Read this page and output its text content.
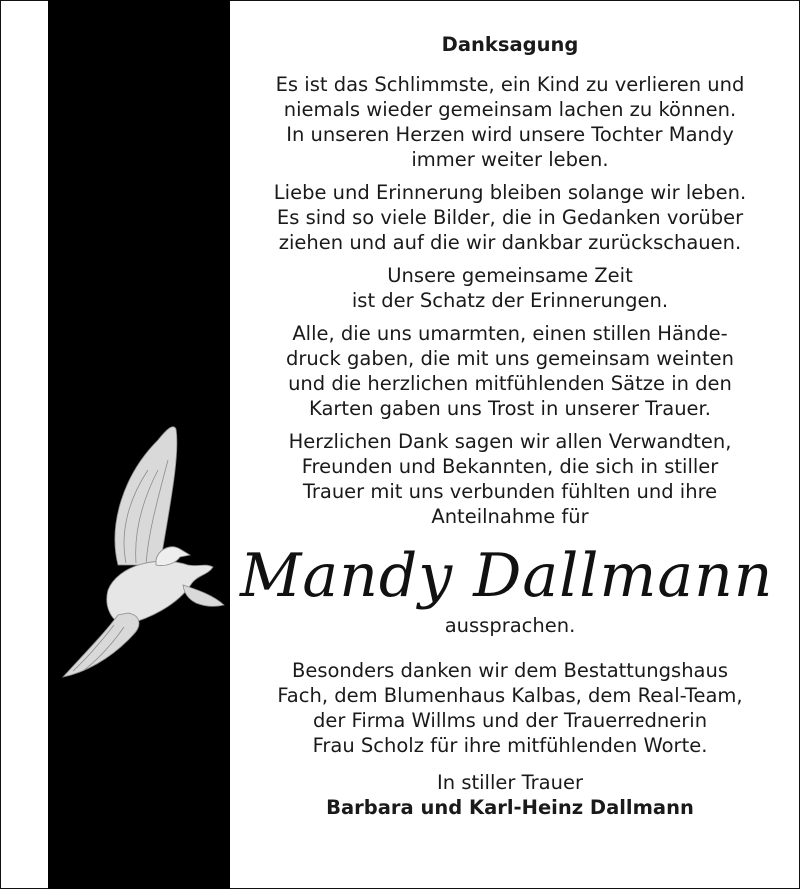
Danksagung
Es ist das Schlimmste, ein Kind zu verlieren und
niemals wieder gemeinsam lachen zu können.
In unseren Herzen wird unsere Tochter Mandy
immer weiter leben.
Liebe und Erinnerung bleiben solange wir leben.
Es sind so viele Bilder, die in Gedanken vorüber
ziehen und auf die wir dankbar zurückschauen.
Unsere gemeinsame Zeit
ist der Schatz der Erinnerungen.
Alle, die uns umarmten, einen stillen Hände-
druck gaben, die mit uns gemeinsam weinten
und die herzlichen mitfühlenden Sätze in den
Karten gaben uns Trost in unserer Trauer.
Herzlichen Dank sagen wir allen Verwandten,
Freunden und Bekannten, die sich in stiller
Trauer mit uns verbunden fühlten und ihre
Anteilnahme für
Mandy Dallmann
aussprachen.
Besonders danken wir dem Bestattungshaus
Fach, dem Blumenhaus Kalbas, dem Real-Team,
der Firma Willms und der Trauerrednerin
Frau Scholz für ihre mitfühlenden Worte.
In stiller Trauer
Barbara und Karl-Heinz Dallmann
